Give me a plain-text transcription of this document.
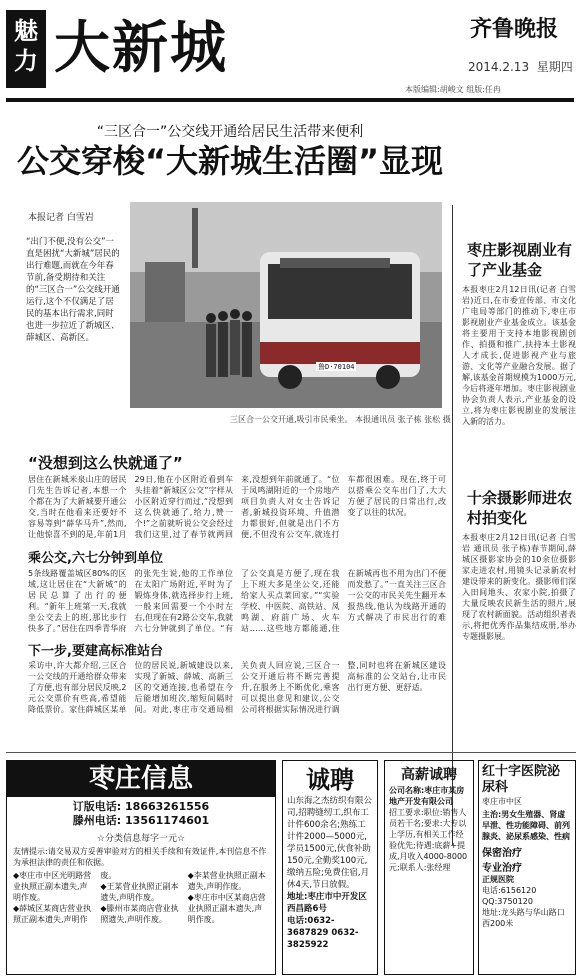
魅力 大新城	齐鲁晚报
2014.2.13 星期四
本版编辑:胡峻文 组版:任冉
“三区合一”公交线开通给居民生活带来便利
公交穿梭“大新城生活圈”显现
本报记者 白雪岩
鲁D·70104
“出门不便,没有公交”一直是困扰“大新城”居民的出行难题,而就在今年春节前,备受期待和关注的“三区合一”公交线开通运行,这个不仅满足了居民的基本出行需求,同时也进一步拉近了新城区、薛城区、高新区。
三区合一公交开通,吸引市民乘坐。 本报通讯员 张子栋 张松 摄
“没想到这么快就通了”
居住在新城米泉山庄的居民门先生告诉记者,本想一个个都在为了大新城要开通公交,当时在他看来还要好不容易等到“薛华马升”,然而,让他惊喜不到的是,年前1月29日,他在小区附近看到车头挂着“新城区公交”字样从小区附近穿行而过,“没想到这么快就通了,给力,赞一个!”之前就听说公交会经过我们这里,过了春节就两回来,没想到年前就通了。“位于凤鸣湖附近的一个房地产项目负责人对女士告诉记者,新城投资环境、升值潜力都很好,但就是出门不方便,不但没有公交车,就连打车都很困难。现在,终于可以搭乘公交车出门了,大大方便了居民的日常出行,改变了以往的状况。
乘公交,六七分钟到单位
5条线路覆盖城区80%的区域,这让居住在“大新城”的居民总算了出行的便利。“新年上班第一天,我就坐公交去上的班,那比步行快多了。”居住在四季青华府的张先生说,他的工作单位在太阳广场附近,平时为了锻炼身体,就选择步行上班,一般来回需要一个小时左右,但现在有2路公交车,我就六七分钟就到了单位。“有了公交真是方便了,现在我上下班大多是坐公交,还能给家人买点菜回家。”“实验学校、中医院、高铁站、凤鸣湖、府前广场、火车站……这些地方都能通,住在新城再也不用为出门不便而发愁了。”一直关注三区合一公交的市民关先生翻开本报热线,他认为线路开通的方式解决了市民出行的难
下一步,要建高标准站台
采访中,许大都介绍,三区合一公交线的开通给群众带来了方便,也有部分居民反映,2元公交票价有些高,希望能降低票价。家住薛城区某单位的居民说,新城建设以来,实现了新城、薛城、高新三区的交通连接,也希望在今后能增加班次,缩短间隔时间。对此,枣庄市交通局相关负责人回应说,三区合一公交开通后将不断完善提升,在服务上不断优化,乘客可以提出意见和建议,公交公司将根据实际情况进行调整,同时也将在新城区建设高标准的公交站台,让市民出行更方便、更舒适。
枣庄影视剧业有了产业基金
本报枣庄2月12日讯(记者 白雪岩)近日,在市委宣传部、市文化广电局等部门的推动下,枣庄市影视剧业产业基金成立。该基金将主要用于支持本地影视剧创作、拍摄和推广,扶持本土影视人才成长,促进影视产业与旅游、文化等产业融合发展。据了解,该基金首期规模为1000万元,今后将逐年增加。枣庄影视剧业协会负责人表示,产业基金的设立,将为枣庄影视剧业的发展注入新的活力。
十余摄影师进农村拍变化
本报枣庄2月12日讯(记者 白雪岩 通讯员 张子栋)春节期间,薛城区摄影家协会的10余位摄影家走进农村,用镜头记录新农村建设带来的新变化。摄影师们深入田间地头、农家小院,拍摄了大量反映农民新生活的照片,展现了农村新面貌。活动组织者表示,将把优秀作品集结成册,举办专题摄影展。
枣庄信息
订版电话: 18663261556
滕州电话: 13561174601
☆分类信息每字一元☆
友情提示:请交易双方妥善审验对方的相关手续和有效证件,本刊信息不作为承担法律的责任和依据。
◆枣庄市中区光明路营业执照正副本遗失,声明作废。
◆薛城区某商店营业执照正副本遗失,声明作废。
◆王某营业执照正副本遗失,声明作废。
◆滕州市某商店营业执照遗失,声明作废。
◆李某营业执照正副本遗失,声明作废。
◆枣庄市中区某商店营业执照正副本遗失,声明作废。
诚聘
山东海之杰纺织有限公司,招聘缝纫工,织布工计件600余名;熟练工计件2000—5000元,学员1500元,伙食补助150元,全勤奖100元,缴纳五险;免费住宿,月休4天,节日放假。
地址:枣庄市中开发区西昌路6号
电话:0632-3687829 0632-3825922
高薪诚聘
公司名称:枣庄市某房地产开发有限公司
招工要求:职位:销售人员若干名;要求:大专以上学历,有相关工作经验优先;待遇:底薪+提成,月收入4000-8000元;联系人:张经理
红十字医院泌尿科
枣庄市中区
主治:男女生殖器、肾虚早泄、性功能障碍、前列腺炎、泌尿系感染、性病
保密治疗
专业治疗
正规医院
电话:6156120 QQ:3750120
地址:龙头路与华山路口西200米
